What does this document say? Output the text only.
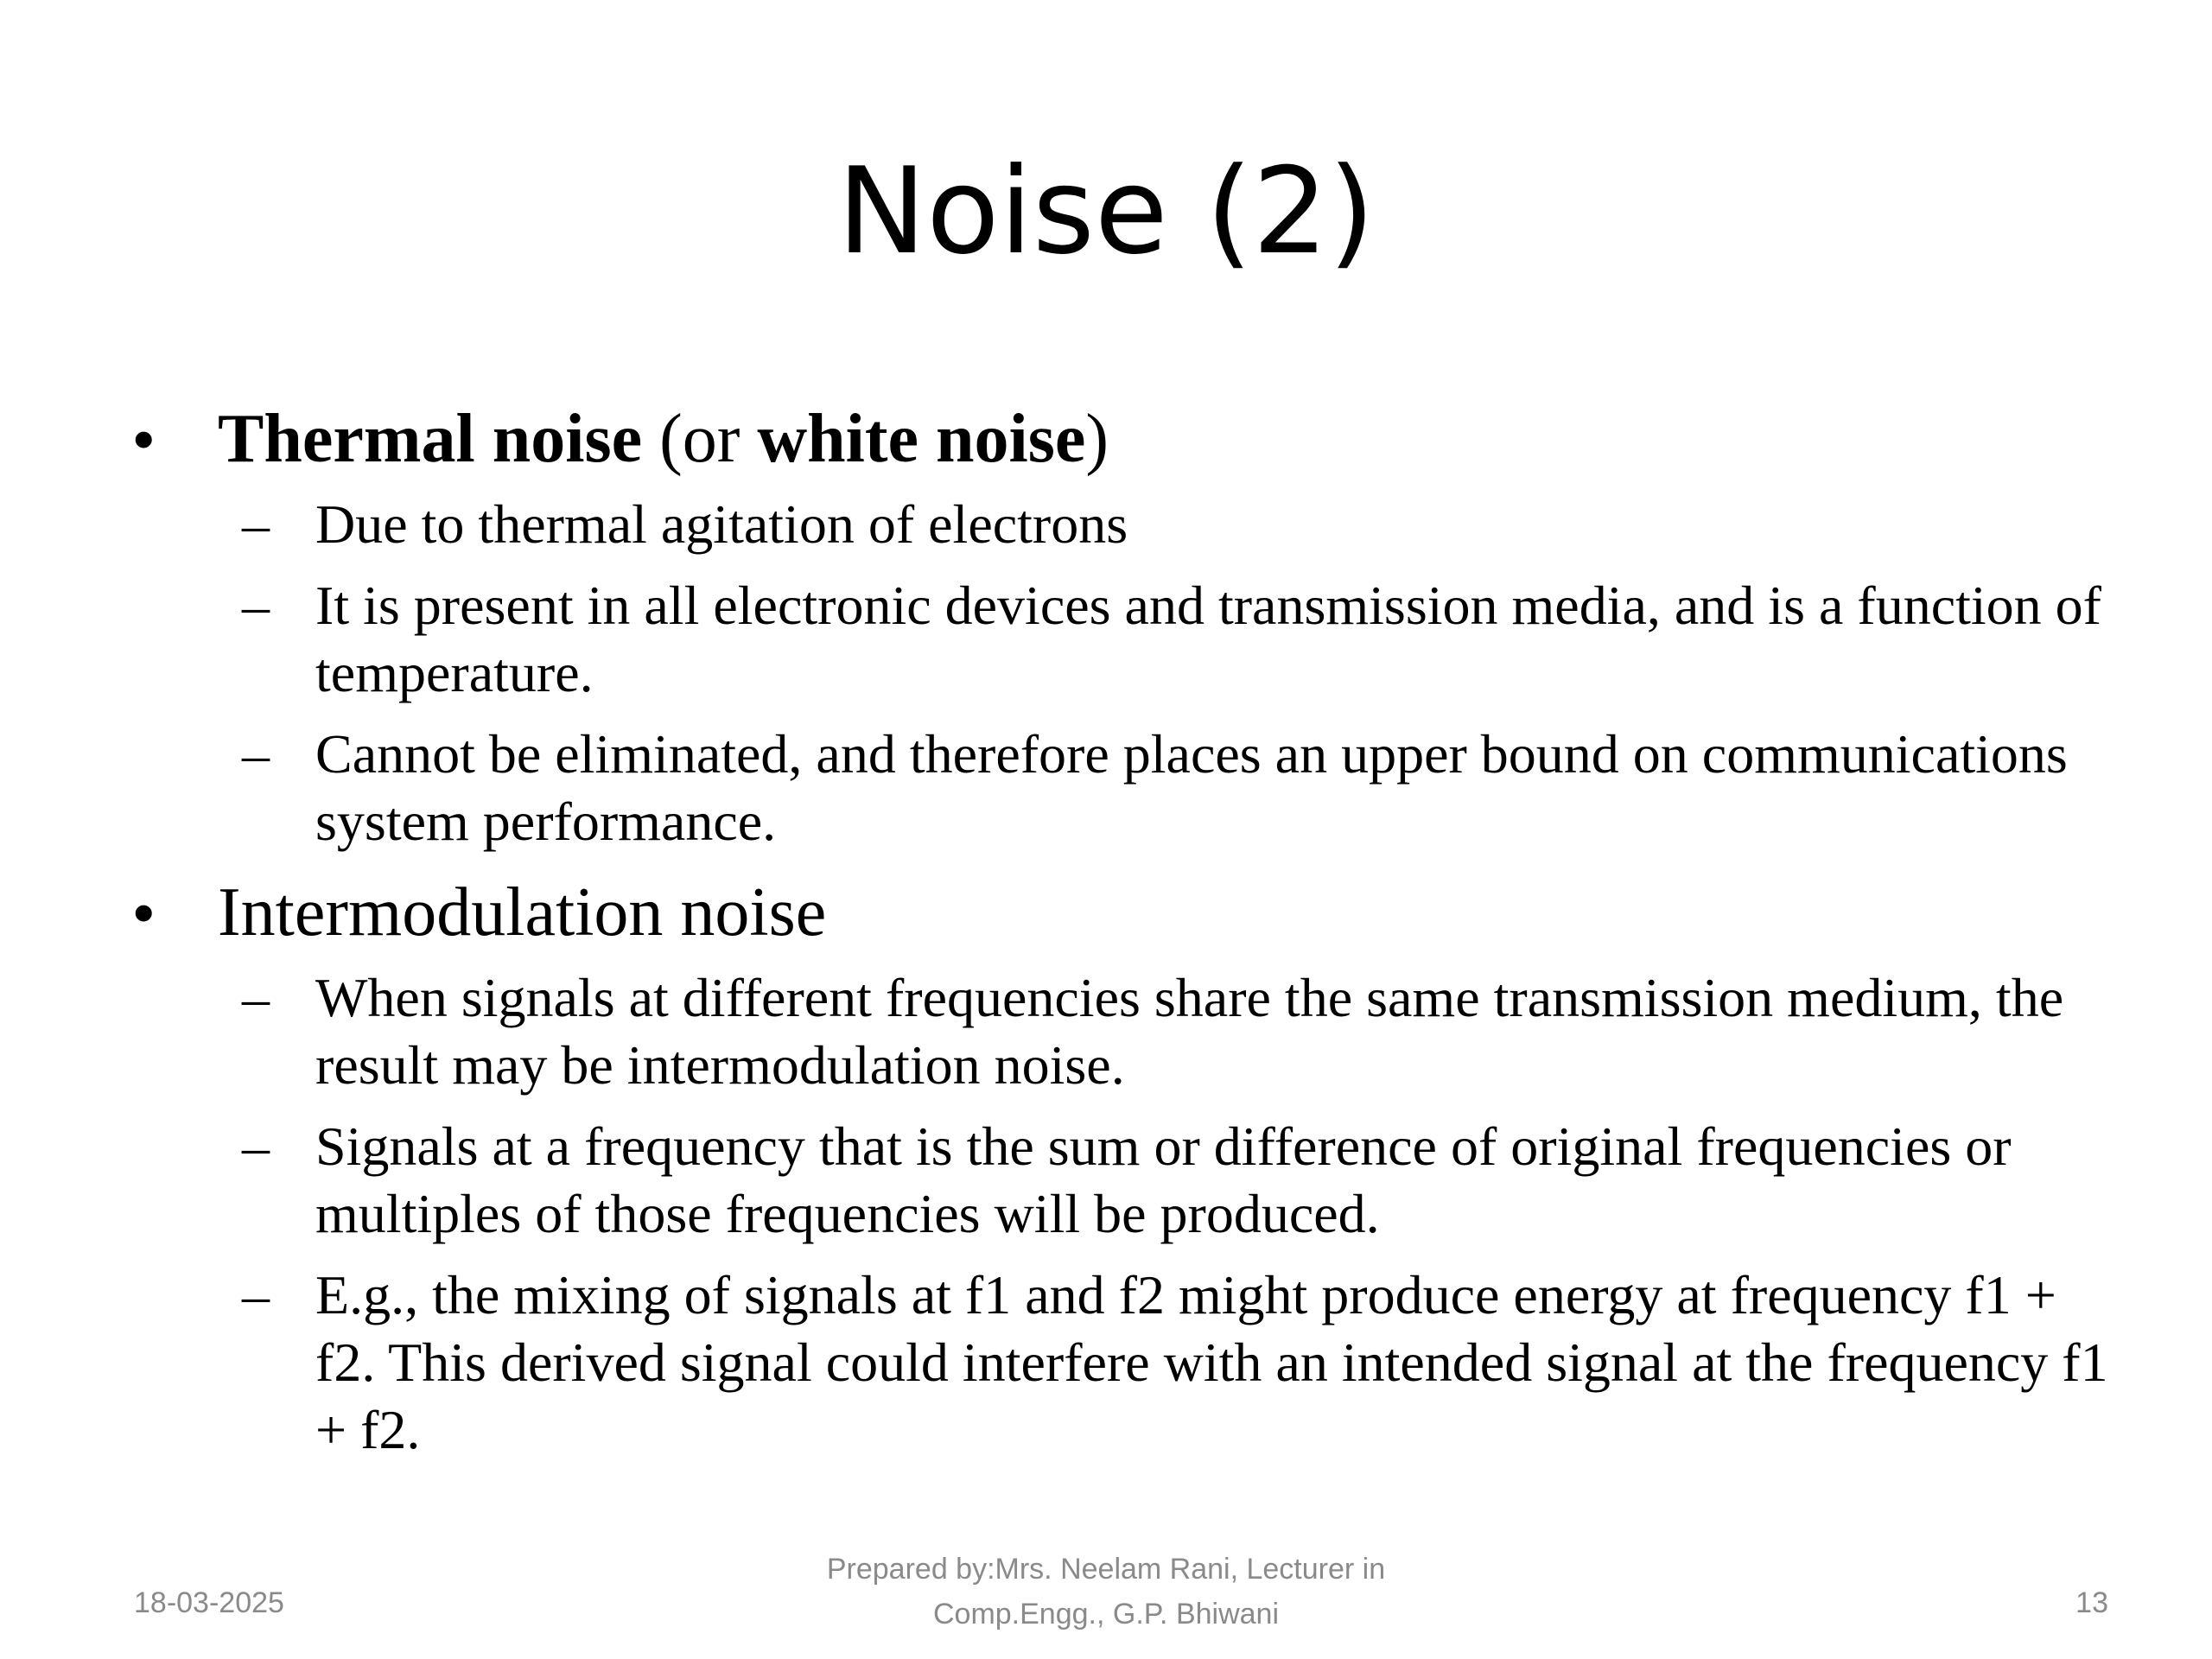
Noise (2)
• Thermal noise (or white noise)
– Due to thermal agitation of electrons
– It is present in all electronic devices and transmission media, and is a function of temperature.
– Cannot be eliminated, and therefore places an upper bound on communications system performance.
• Intermodulation noise
– When signals at different frequencies share the same transmission medium, the result may be intermodulation noise.
– Signals at a frequency that is the sum or difference of original frequencies or multiples of those frequencies will be produced.
– E.g., the mixing of signals at f1 and f2 might produce energy at frequency f1 + f2. This derived signal could interfere with an intended signal at the frequency f1 + f2.
18-03-2025
Prepared by:Mrs. Neelam Rani, Lecturer in
Comp.Engg., G.P. Bhiwani	13
